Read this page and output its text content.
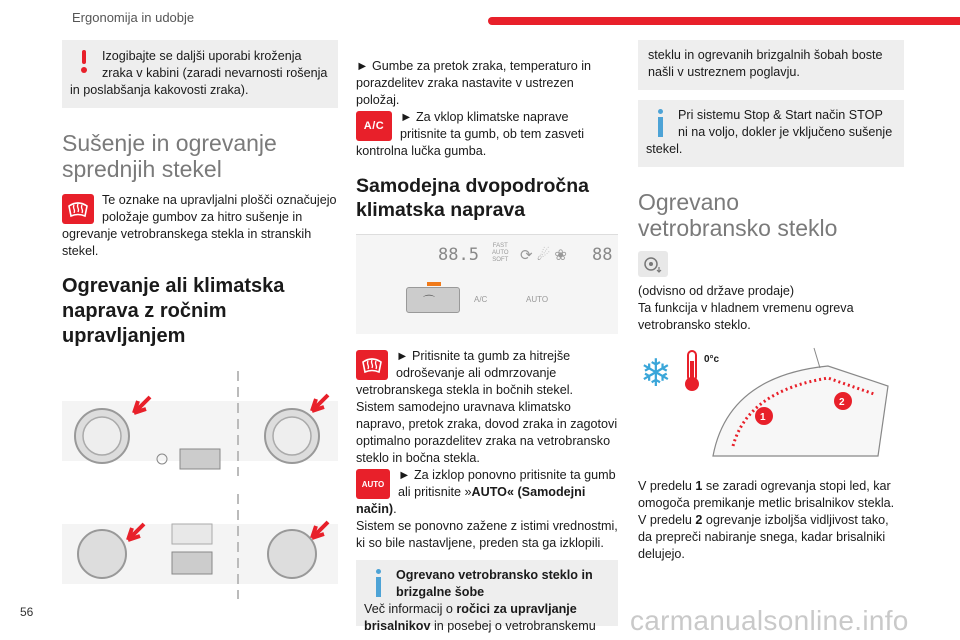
Ergonomija in udobje

Izogibajte se daljši uporabi kroženja zraka v kabini (zaradi nevarnosti rošenja in poslabšanja kakovosti zraka).

Sušenje in ogrevanje sprednjih stekel

Te oznake na upravljalni plošči označujejo položaje gumbov za hitro sušenje in ogrevanje vetrobranskega stekla in stranskih stekel.

Ogrevanje ali klimatska naprava z ročnim upravljanjem

► Gumbe za pretok zraka, temperaturo in porazdelitev zraka nastavite v ustrezen položaj.

A/C

► Za vklop klimatske naprave pritisnite ta gumb, ob tem zasveti kontrolna lučka gumba.

Samodejna dvopodročna klimatska naprava
88.5 FAST
AUTO
SOFT ⟳ ☄ ❀ 88
⌒	A/C	AUTO

► Pritisnite ta gumb za hitrejše odroševanje ali odmrzovanje vetrobranskega stekla in bočnih stekel.

Sistem samodejno uravnava klimatsko napravo, pretok zraka, dovod zraka in zagotovi optimalno porazdelitev zraka na vetrobransko steklo in bočna stekla.

AUTO

► Za izklop ponovno pritisnite ta gumb ali pritisnite »AUTO« (Samodejni način).

Sistem se ponovno zažene z istimi vrednostmi, ki so bile nastavljene, preden sta ga izklopili.

Ogrevano vetrobransko steklo in brizgalne šobe

Več informacij o ročici za upravljanje brisalnikov in posebej o vetrobranskemu

steklu in ogrevanih brizgalnih šobah boste našli v ustreznem poglavju.

Pri sistemu Stop & Start način STOP ni na voljo, dokler je vključeno sušenje stekel.

Ogrevano vetrobransko steklo

(odvisno od države prodaje)

Ta funkcija v hladnem vremenu ogreva vetrobransko steklo.

❄	0°c
1
2

V predelu 1 se zaradi ogrevanja stopi led, kar omogoča premikanje metlic brisalnikov stekla.

V predelu 2 ogrevanje izboljša vidljivost tako, da prepreči nabiranje snega, kadar brisalniki delujejo.

56	carmanualsonline.info
